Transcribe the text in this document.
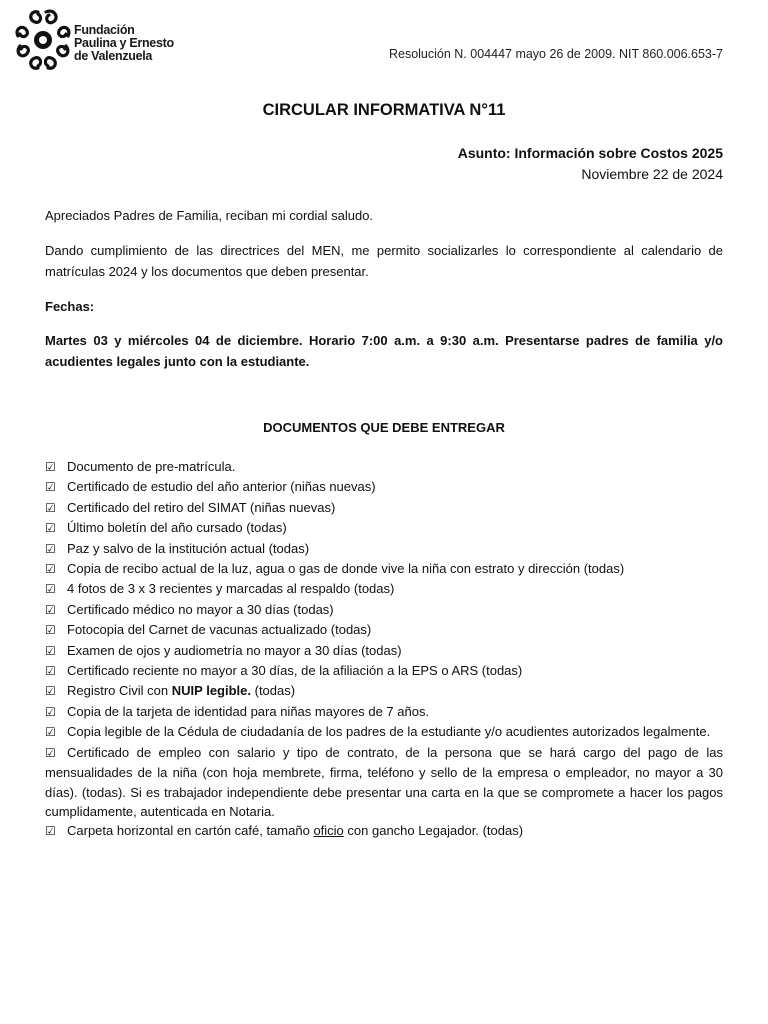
Fundación
Paulina y Ernesto
de Valenzuela	Resolución N. 004447 mayo 26 de 2009. NIT 860.006.653-7
CIRCULAR INFORMATIVA N°11
Asunto: Información sobre Costos 2025
Noviembre 22 de 2024
Apreciados Padres de Familia, reciban mi cordial saludo.
Dando cumplimiento de las directrices del MEN, me permito socializarles lo correspondiente al calendario de matrículas 2024 y los documentos que deben presentar.
Fechas:
Martes 03 y miércoles 04 de diciembre. Horario 7:00 a.m. a 9:30 a.m. Presentarse padres de familia y/o acudientes legales junto con la estudiante.
DOCUMENTOS QUE DEBE ENTREGAR
☑ Documento de pre-matrícula.
☑ Certificado de estudio del año anterior (niñas nuevas)
☑ Certificado del retiro del SIMAT (niñas nuevas)
☑ Último boletín del año cursado (todas)
☑ Paz y salvo de la institución actual (todas)
☑ Copia de recibo actual de la luz, agua o gas de donde vive la niña con estrato y dirección (todas)
☑ 4 fotos de 3 x 3 recientes y marcadas al respaldo (todas)
☑ Certificado médico no mayor a 30 días (todas)
☑ Fotocopia del Carnet de vacunas actualizado (todas)
☑ Examen de ojos y audiometría no mayor a 30 días (todas)
☑ Certificado reciente no mayor a 30 días, de la afiliación a la EPS o ARS (todas)
☑ Registro Civil con NUIP legible. (todas)
☑ Copia de la tarjeta de identidad para niñas mayores de 7 años.
☑ Copia legible de la Cédula de ciudadanía de los padres de la estudiante y/o acudientes autorizados legalmente.
☑ Certificado de empleo con salario y tipo de contrato, de la persona que se hará cargo del pago de las mensualidades de la niña (con hoja membrete, firma, teléfono y sello de la empresa o empleador, no mayor a 30 días). (todas). Si es trabajador independiente debe presentar una carta en la que se compromete a hacer los pagos cumplidamente, autenticada en Notaria.
☑ Carpeta horizontal en cartón café, tamaño oficio con gancho Legajador. (todas)
